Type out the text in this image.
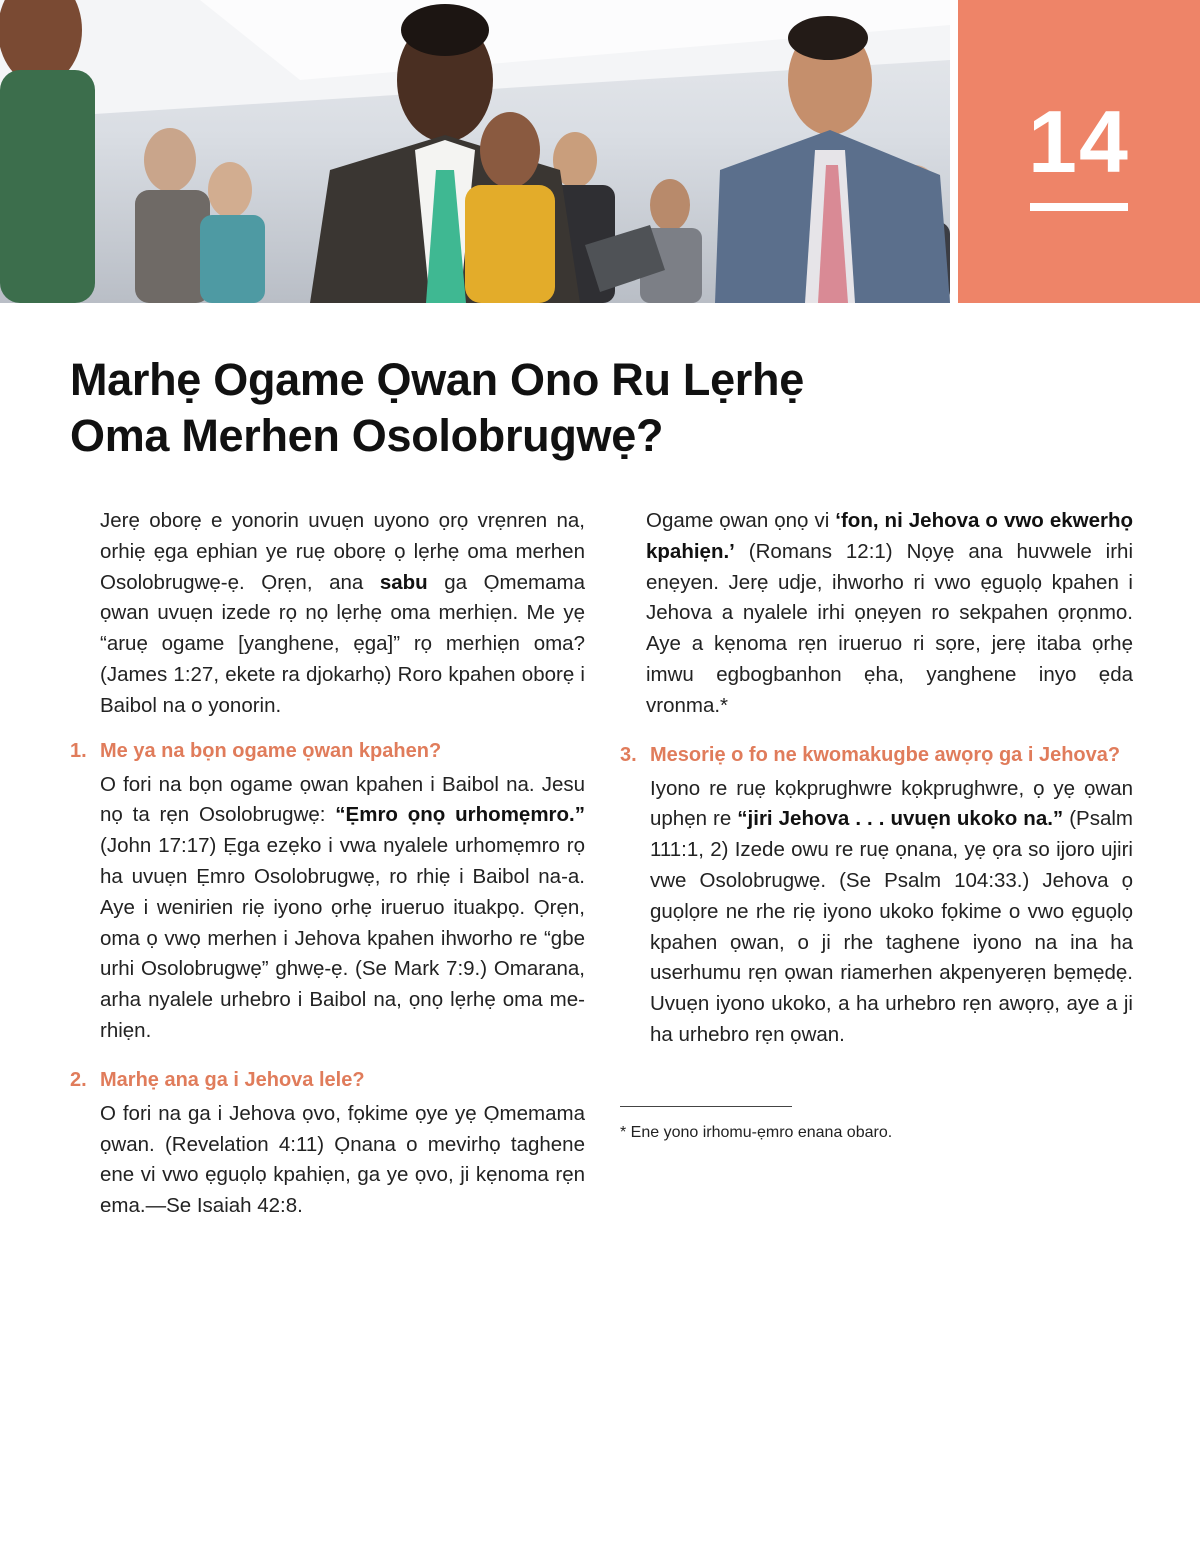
14
Marhẹ Ogame Ọwan Ono Ru Lẹrhẹ
Oma Merhen Osolobrugwẹ?

Jerẹ oborẹ e yonorin uvuẹn uyono ọrọ vrẹnren na, orhiẹ ẹga ephian ye ruẹ oborẹ ọ lẹrhẹ oma merhen Osolobrugwẹ-ẹ. Ọrẹn, ana sabu ga Ọmemama ọwan uvuẹn izede rọ nọ lẹrhẹ oma merhiẹn. Me yẹ “aruẹ ogame [yanghene, ẹga]” rọ merhiẹn oma? (James 1:27, ekete ra djokarhọ) Roro kpahen oborẹ i Baibol na o yonorin.

1. Me ya na bọn ogame ọwan kpahen?

O fori na bọn ogame ọwan kpahen i Baibol na. Jesu nọ ta rẹn Osolobrugwẹ: “Ẹmro ọnọ urhomẹmro.” (John 17:17) Ẹga ezẹko i vwa nyalele urhomẹmro rọ ha uvuẹn Ẹmro Osolobrugwẹ, ro rhiẹ i Baibol na-a. Aye i wenirien riẹ iyono ọrhẹ irueruo ituakpọ. Ọrẹn, oma ọ vwọ merhen i Jehova kpahen ihworho re “gbe urhi Osolobrugwẹ” ghwẹ-ẹ. (Se Mark 7:9.) Omarana, arha nyalele urhebro i Baibol na, ọnọ lẹrhẹ oma merhiẹn.

2. Marhẹ ana ga i Jehova lele?

O fori na ga i Jehova ọvo, fọkime ọye yẹ Ọmemama ọwan. (Revelation 4:11) Ọnana o mevirhọ taghene ene vi vwo ẹguọlọ kpahiẹn, ga ye ọvo, ji kẹnoma rẹn ema.—Se Isaiah 42:8.

Ogame ọwan ọnọ vi ‘fon, ni Jehova o vwo ekwerhọ kpahiẹn.’ (Romans 12:1) Nọyẹ ana huvwele irhi enẹyen. Jerẹ udje, ihworho ri vwo ẹguọlọ kpahen i Jehova a nyalele irhi ọnẹyen ro sekpahen ọrọnmo. Aye a kẹnoma rẹn irueruo ri sọre, jerẹ itaba ọrhẹ imwu egbogbanhon ẹha, yanghene inyo ẹda vronma.*

3. Mesoriẹ o fo ne kwomakugbe awọrọ ga i Jehova?

Iyono re ruẹ kọkprughwre kọkprughwre, ọ yẹ ọwan uphẹn re “jiri Jehova . . . uvuẹn ukoko na.” (Psalm 111:1, 2) Izede owu re ruẹ ọnana, yẹ ọra so ijoro ujiri vwe Osolobrugwẹ. (Se Psalm 104:33.) Jehova ọ guọlọre ne rhe riẹ iyono ukoko fọkime o vwo ẹguọlọ kpahen ọwan, o ji rhe taghene iyono na ina ha userhumu rẹn ọwan riamerhen akpenyerẹn bẹmẹdẹ. Uvuẹn iyono ukoko, a ha urhebro rẹn awọrọ, aye a ji ha urhebro rẹn ọwan.

* Ene yono irhomu-ẹmro enana obaro.
